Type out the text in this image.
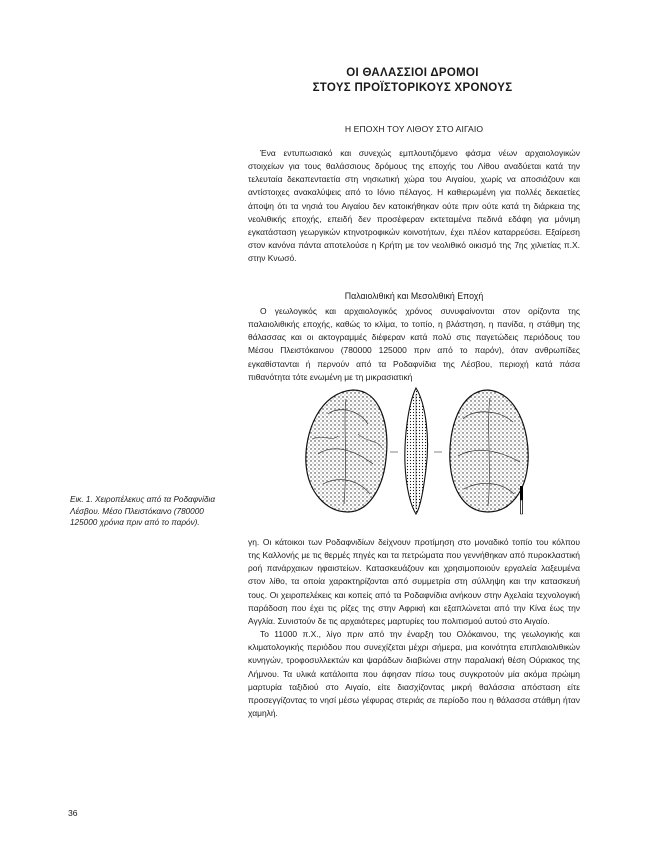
ΟΙ ΘΑΛΑΣΣΙΟΙ ΔΡΟΜΟΙ
ΣΤΟΥΣ ΠΡΟΪΣΤΟΡΙΚΟΥΣ ΧΡΟΝΟΥΣ
Η ΕΠΟΧΗ ΤΟΥ ΛΙΘΟΥ ΣΤΟ ΑΙΓΑΙΟ

Ένα εντυπωσιακό και συνεχώς εμπλουτιζόμενο φάσμα νέων αρχαιολογικών στοιχείων για τους θαλάσσιους δρόμους της εποχής του Λίθου αναδύεται κατά την τελευταία δεκαπενταετία στη νησιωτική χώρα του Αιγαίου, χωρίς να αποσιάζουν και αντίστοιχες ανακαλύψεις από το Ιόνιο πέλαγος. Η καθιερωμένη για πολλές δεκαετίες άποψη ότι τα νησιά του Αιγαίου δεν κατοικήθηκαν ούτε πριν ούτε κατά τη διάρκεια της νεολιθικής εποχής, επειδή δεν προσέφεραν εκτεταμένα πεδινά εδάφη για μόνιμη εγκατάσταση γεωργικών κτηνοτροφικών κοινοτήτων, έχει πλέον καταρρεύσει. Εξαίρεση στον κανόνα πάντα αποτελούσε η Κρήτη με τον νεολιθικό οικισμό της 7ης χιλιετίας π.Χ. στην Κνωσό.

Παλαιολιθική και Μεσολιθική Εποχή

Ο γεωλογικός και αρχαιολογικός χρόνος συνυφαίνονται στον ορίζοντα της παλαιολιθικής εποχής, καθώς το κλίμα, το τοπίο, η βλάστηση, η πανίδα, η στάθμη της θάλασσας και οι ακτογραμμές διέφεραν κατά πολύ στις παγετώδεις περιόδους του Μέσου Πλειστόκαινου (780000 125000 πριν από το παρόν), όταν ανθρωπίδες εγκαθίστανται ή περνούν από τα Ροδαφνίδια της Λέσβου, περιοχή κατά πάσα πιθανότητα τότε ενωμένη με τη μικρασιατική

Εικ. 1. Χειροπέλεκυς από τα Ροδαφνίδια Λέσβου. Μέσο Πλειστόκαινο (780000 125000 χρόνια πριν από το παρόν).

γη. Οι κάτοικοι των Ροδαφνιδίων δείχνουν προτίμηση στο μοναδικό τοπίο του κόλπου της Καλλονής με τις θερμές πηγές και τα πετρώματα που γεννήθηκαν από πυροκλαστική ροή πανάρχαιων ηφαιστείων. Κατασκευάζουν και χρησιμοποιούν εργαλεία λαξευμένα στον λίθο, τα οποία χαρακτηρίζονται από συμμετρία στη σύλληψη και την κατασκευή τους. Οι χειροπελέκεις και κοπείς από τα Ροδαφνίδια ανήκουν στην Αχελαία τεχνολογική παράδοση που έχει τις ρίζες της στην Αφρική και εξαπλώνεται από την Κίνα έως την Αγγλία. Συνιστούν δε τις αρχαιότερες μαρτυρίες του πολιτισμού αυτού στο Αιγαίο.

Το 11000 π.Χ., λίγο πριν από την έναρξη του Ολόκαινου, της γεωλογικής και κλιματολογικής περιόδου που συνεχίζεται μέχρι σήμερα, μια κοινότητα επιπλαιολιθικών κυνηγών, τροφοσυλλεκτών και ψαράδων διαβιώνει στην παραλιακή θέση Ούριακος της Λήμνου. Τα υλικά κατάλοιπα που άφησαν πίσω τους συγκροτούν μία ακόμα πρώιμη μαρτυρία ταξιδιού στο Αιγαίο, είτε διασχίζοντας μικρή θαλάσσια απόσταση είτε προσεγγίζοντας το νησί μέσω γέφυρας στεριάς σε περίοδο που η θάλασσα στάθμη ήταν χαμηλή.

36
